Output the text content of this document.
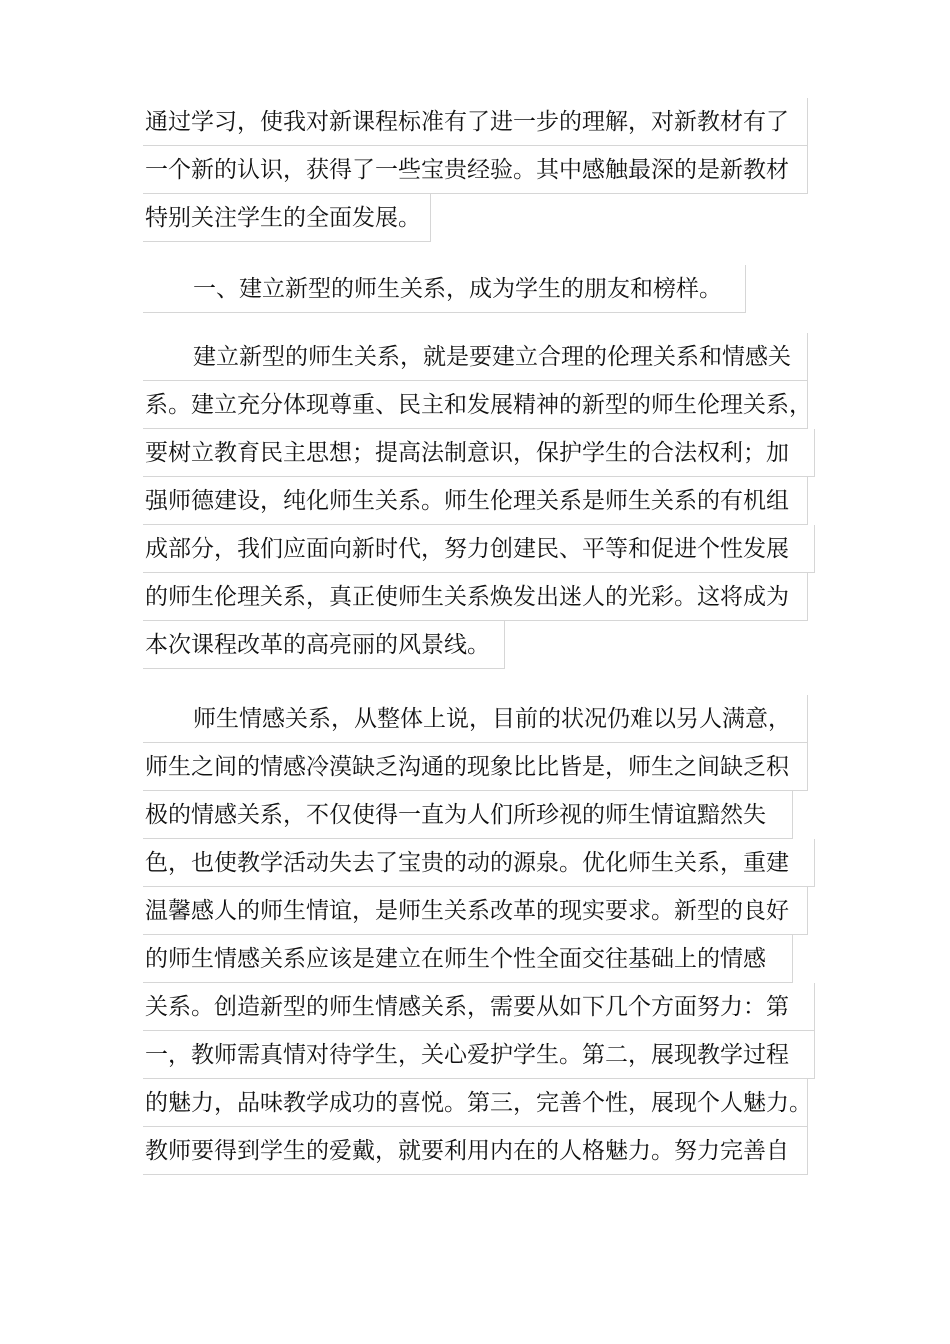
通过学习，使我对新课程标准有了进一步的理解，对新教材有了
一个新的认识，获得了一些宝贵经验。其中感触最深的是新教材
特别关注学生的全面发展。
一、建立新型的师生关系，成为学生的朋友和榜样。
建立新型的师生关系，就是要建立合理的伦理关系和情感关
系。建立充分体现尊重、民主和发展精神的新型的师生伦理关系，
要树立教育民主思想；提高法制意识，保护学生的合法权利；加
强师德建设，纯化师生关系。师生伦理关系是师生关系的有机组
成部分，我们应面向新时代，努力创建民、平等和促进个性发展
的师生伦理关系，真正使师生关系焕发出迷人的光彩。这将成为
本次课程改革的高亮丽的风景线。
师生情感关系，从整体上说，目前的状况仍难以另人满意，
师生之间的情感冷漠缺乏沟通的现象比比皆是，师生之间缺乏积
极的情感关系，不仅使得一直为人们所珍视的师生情谊黯然失
色，也使教学活动失去了宝贵的动的源泉。优化师生关系，重建
温馨感人的师生情谊，是师生关系改革的现实要求。新型的良好
的师生情感关系应该是建立在师生个性全面交往基础上的情感
关系。创造新型的师生情感关系，需要从如下几个方面努力：第
一，教师需真情对待学生，关心爱护学生。第二，展现教学过程
的魅力，品味教学成功的喜悦。第三，完善个性，展现个人魅力。
教师要得到学生的爱戴，就要利用内在的人格魅力。努力完善自
